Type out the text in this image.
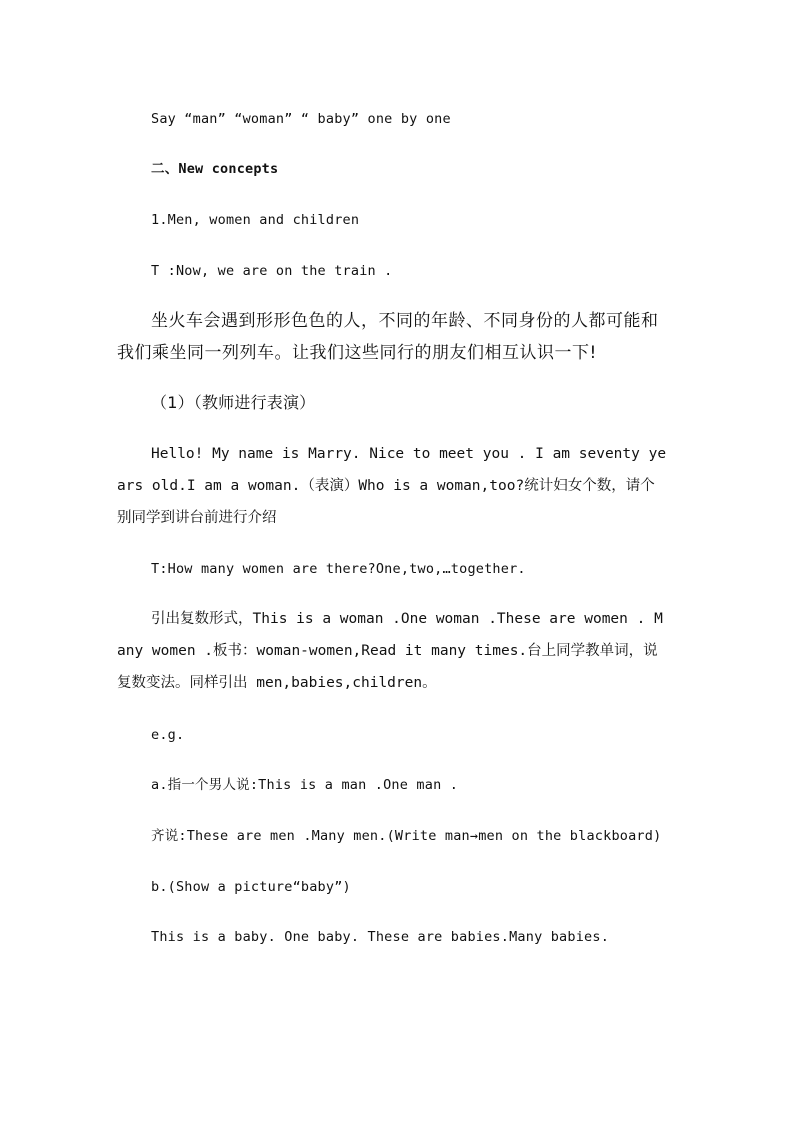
Say “man” “woman” “ baby” one by one
二、New concepts
1.Men, women and children
T :Now, we are on the train .
坐火车会遇到形形色色的人，不同的年龄、不同身份的人都可能和我们乘坐同一列列车。让我们这些同行的朋友们相互认识一下!
（1）（教师进行表演）
Hello! My name is Marry. Nice to meet you . I am seventy years old.I am a woman.（表演）Who is a woman,too?统计妇女个数，请个别同学到讲台前进行介绍
T:How many women are there?One,two,…together.
引出复数形式，This is a woman .One woman .These are women . Many women .板书：woman-women,Read it many times.台上同学教单词，说复数变法。同样引出 men,babies,children。
e.g.
a.指一个男人说:This is a man .One man .
齐说:These are men .Many men.(Write man→men on the blackboard)
b.(Show a picture“baby”)
This is a baby. One baby. These are babies.Many babies.
